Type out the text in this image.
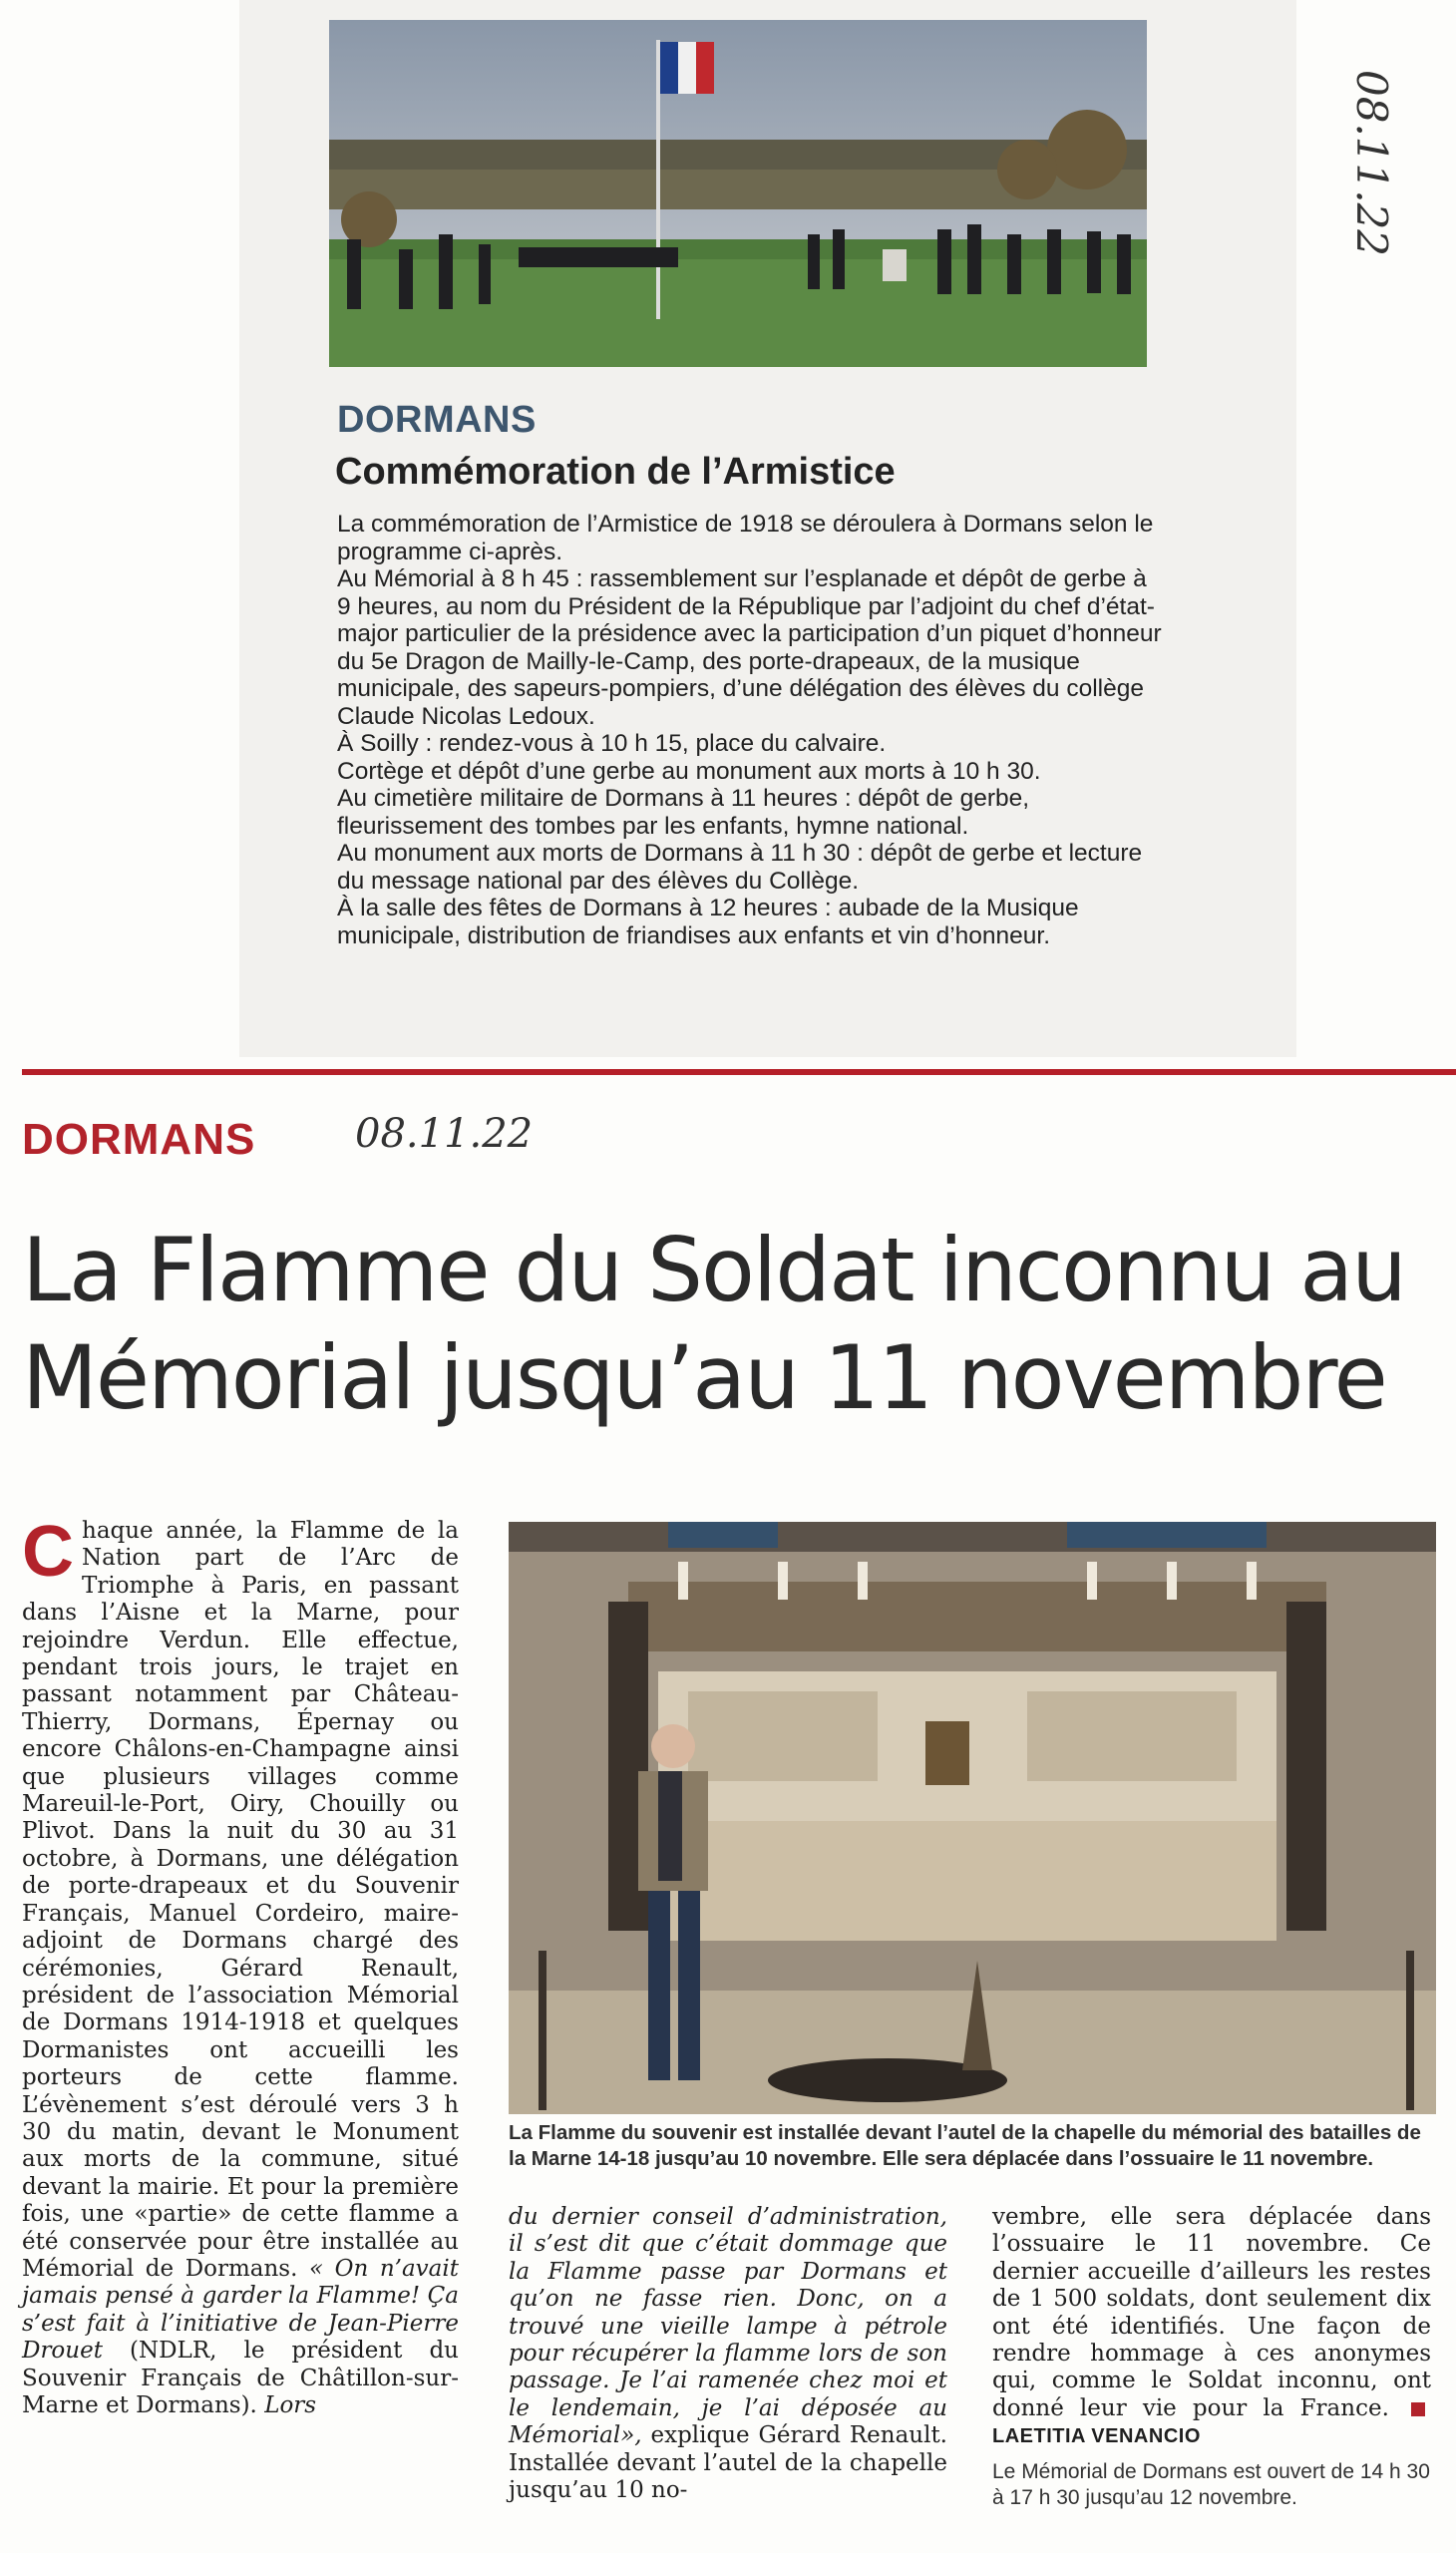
DORMANS
Commémoration de l’Armistice

La commémoration de l’Armistice de 1918 se déroulera à Dormans selon le programme ci-après.

Au Mémorial à 8 h 45 : rassemblement sur l’esplanade et dépôt de gerbe à 9 heures, au nom du Président de la République par l’adjoint du chef d’état-major particulier de la présidence avec la participation d’un piquet d’honneur du 5e Dragon de Mailly-le-Camp, des porte-drapeaux, de la musique municipale, des sapeurs-pompiers, d’une délégation des élèves du collège Claude Nicolas Ledoux.

À Soilly : rendez-vous à 10 h 15, place du calvaire.

Cortège et dépôt d’une gerbe au monument aux morts à 10 h 30.

Au cimetière militaire de Dormans à 11 heures : dépôt de gerbe, fleurissement des tombes par les enfants, hymne national.

Au monument aux morts de Dormans à 11 h 30 : dépôt de gerbe et lecture du message national par des élèves du Collège.

À la salle des fêtes de Dormans à 12 heures : aubade de la Musique municipale, distribution de friandises aux enfants et vin d’honneur.

08.11.22
DORMANS 08.11.22
La Flamme du Soldat inconnu au Mémorial jusqu’au 11 novembre
C haque année, la Flamme de la Nation part de l’Arc de Triomphe à Paris, en passant dans l’Aisne et la Marne, pour rejoindre Verdun. Elle effectue, pendant trois jours, le trajet en passant notamment par Château-Thierry, Dormans, Épernay ou encore Châlons-en-Champagne ainsi que plusieurs villages comme Mareuil-le-Port, Oiry, Chouilly ou Plivot. Dans la nuit du 30 au 31 octobre, à Dormans, une délégation de porte-drapeaux et du Souvenir Français, Manuel Cordeiro, maire-adjoint de Dormans chargé des cérémonies, Gérard Renault, président de l’association Mémorial de Dormans 1914-1918 et quelques Dormanistes ont accueilli les porteurs de cette flamme. L’évènement s’est déroulé vers 3 h 30 du matin, devant le Monument aux morts de la commune, situé devant la mairie. Et pour la première fois, une «partie» de cette flamme a été conservée pour être installée au Mémorial de Dormans. « On n’avait jamais pensé à garder la Flamme! Ça s’est fait à l’initiative de Jean-Pierre Drouet (NDLR, le président du Souvenir Français de Châtillon-sur-Marne et Dormans). Lors
La Flamme du souvenir est installée devant l’autel de la chapelle du mémorial des batailles de la Marne 14-18 jusqu’au 10 novembre. Elle sera déplacée dans l’ossuaire le 11 novembre.
du dernier conseil d’administration, il s’est dit que c’était dommage que la Flamme passe par Dormans et qu’on ne fasse rien. Donc, on a trouvé une vieille lampe à pétrole pour récupérer la flamme lors de son passage. Je l’ai ramenée chez moi et le lendemain, je l’ai déposée au Mémorial», explique Gérard Renault. Installée devant l’autel de la chapelle jusqu’au 10 no-
vembre, elle sera déplacée dans l’ossuaire le 11 novembre. Ce dernier accueille d’ailleurs les restes de 1 500 soldats, dont seulement dix ont été identifiés. Une façon de rendre hommage à ces anonymes qui, comme le Soldat inconnu, ont donné leur vie pour la France. LAETITIA VENANCIO
Le Mémorial de Dormans est ouvert de 14 h 30 à 17 h 30 jusqu’au 12 novembre.
